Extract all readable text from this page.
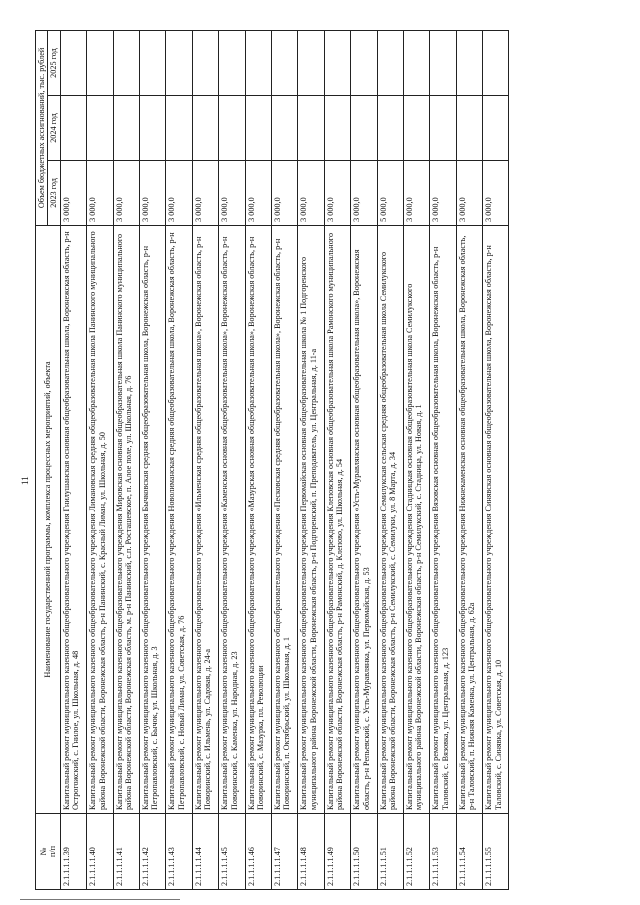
11
№
п/п	Наименование государственной программы, комплекса процессных мероприятий, объекта	Объем бюджетных ассигнований, тыс. рублей		
		2023 год	2024 год	2025 год
2.1.1.1.1.39	Капитальный ремонт муниципального казенного общеобразовательного учреждения Гнилушанская основная общеобразовательная школа, Воронежская область, р-н Острогожский, с. Гнилое, ул. Школьная, д. 48	3 000,0		
2.1.1.1.1.40	Капитальный ремонт муниципального казенного общеобразовательного учреждения Лимановская средняя общеобразовательная школа Панинского муниципального района Воронежской области, Воронежская область, р-н Панинский, с. Красный Лиман, ул. Школьная, д. 50	3 000,0		
2.1.1.1.1.41	Капитальный ремонт муниципального казенного общеобразовательного учреждения Мировская основная общеобразовательная школа Панинского муниципального района Воронежской области, Воронежская область, м. р-н Панинский, с.п. Росташевское, п. Алое поле, ул. Школьная, д. 76	3 000,0		
2.1.1.1.1.42	Капитальный ремонт муниципального казенного общеобразовательного учреждения Бычковская средняя общеобразовательная школа, Воронежская область, р-н Петропавловский, с. Бычок, ул. Школьная, д. 3	3 000,0		
2.1.1.1.1.43	Капитальный ремонт муниципального казенного общеобразовательного учреждения Новолиманская средняя общеобразовательная школа, Воронежская область, р-н Петропавловский, с. Новый Лиман, ул. Советская, д. 76	3 000,0		
2.1.1.1.1.44	Капитальный ремонт муниципального казенного общеобразовательного учреждения «Ильменская средняя общеобразовательная школа», Воронежская область, р-н Поворинский, с. Ильмень, ул. Садовая, д. 24-а	3 000,0		
2.1.1.1.1.45	Капитальный ремонт муниципального казенного общеобразовательного учреждения «Каменская основная общеобразовательная школа», Воронежская область, р-н Поворинский, с. Каменка, ул. Народная, д. 23	3 000,0		
2.1.1.1.1.46	Капитальный ремонт муниципального казенного общеобразовательного учреждения «Мазурская основная общеобразовательная школа», Воронежская область, р-н Поворинский, с. Мазурка, пл. Революции	3 000,0		
2.1.1.1.1.47	Капитальный ремонт муниципального казенного общеобразовательного учреждения «Песковская средняя общеобразовательная школа», Воронежская область, р-н Поворинский, п. Октябрьский, ул. Школьная, д. 1	3 000,0		
2.1.1.1.1.48	Капитальный ремонт муниципального казенного общеобразовательного учреждения Первомайская основная общеобразовательная школа № 1 Подгоренского муниципального района Воронежской области, Воронежская область, р-н Подгоренский, п. Преподаватель, ул. Центральная, д. 11-а	3 000,0		
2.1.1.1.1.49	Капитальный ремонт муниципального казенного общеобразовательного учреждения Клеповская основная общеобразовательная школа Рамонского муниципального района Воронежской области, Воронежская область, р-н Рамонский, д. Клепово, ул. Школьная, д. 54	3 000,0		
2.1.1.1.1.50	Капитальный ремонт муниципального казенного общеобразовательного учреждения «Усть-Муравлянская основная общеобразовательная школа», Воронежская область, р-н Репьевский, с. Усть-Муравлянка, ул. Первомайская, д. 53	3 000,0		
2.1.1.1.1.51	Капитальный ремонт муниципального казенного общеобразовательного учреждения Семилукская сельская средняя общеобразовательная школа Семилукского района Воронежской области, Воронежская область, р-н Семилукский, с. Семилуки, ул. 8 Марта, д. 34	5 000,0		
2.1.1.1.1.52	Капитальный ремонт муниципального казенного общеобразовательного учреждения Стадницкая основная общеобразовательная школа Семилукского муниципального района Воронежской области, Воронежская область, р-н Семилукский, с. Стадница, ул. Новая, д. 1	3 000,0		
2.1.1.1.1.53	Капитальный ремонт муниципального казенного общеобразовательного учреждения Вязовская основная общеобразовательная школа, Воронежская область, р-н Таловский, с. Вязовка, ул. Центральная, д. 123	3 000,0		
2.1.1.1.1.54	Капитальный ремонт муниципального казенного общеобразовательного учреждения Нижнекаменская основная общеобразовательная школа, Воронежская область, р-н Таловский, п. Нижняя Каменка, ул. Центральная, д. 62а	3 000,0		
2.1.1.1.1.55	Капитальный ремонт муниципального казенного общеобразовательного учреждения Синявская основная общеобразовательная школа, Воронежская область, р-н Таловский, с. Синявка, ул. Советская, д. 10	3 000,0		
